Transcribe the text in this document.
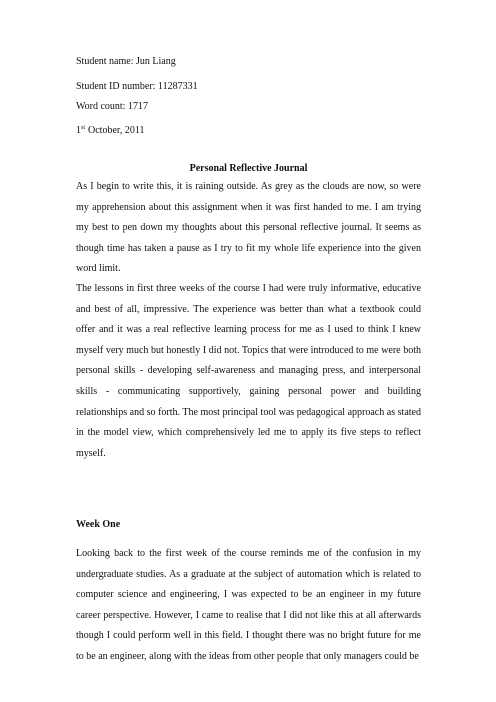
Student name: Jun Liang
Student ID number: 11287331
Word count: 1717
1st October, 2011
Personal Reflective Journal

As I begin to write this, it is raining outside. As grey as the clouds are now, so were my apprehension about this assignment when it was first handed to me. I am trying my best to pen down my thoughts about this personal reflective journal. It seems as though time has taken a pause as I try to fit my whole life experience into the given word limit.

The lessons in first three weeks of the course I had were truly informative, educative and best of all, impressive. The experience was better than what a textbook could offer and it was a real reflective learning process for me as I used to think I knew myself very much but honestly I did not. Topics that were introduced to me were both personal skills - developing self-awareness and managing press, and interpersonal skills - communicating supportively, gaining personal power and building relationships and so forth. The most principal tool was pedagogical approach as stated in the model view, which comprehensively led me to apply its five steps to reflect myself.

Week One

Looking back to the first week of the course reminds me of the confusion in my undergraduate studies. As a graduate at the subject of automation which is related to computer science and engineering, I was expected to be an engineer in my future career perspective. However, I came to realise that I did not like this at all afterwards though I could perform well in this field. I thought there was no bright future for me to be an engineer, along with the ideas from other people that only managers could be
